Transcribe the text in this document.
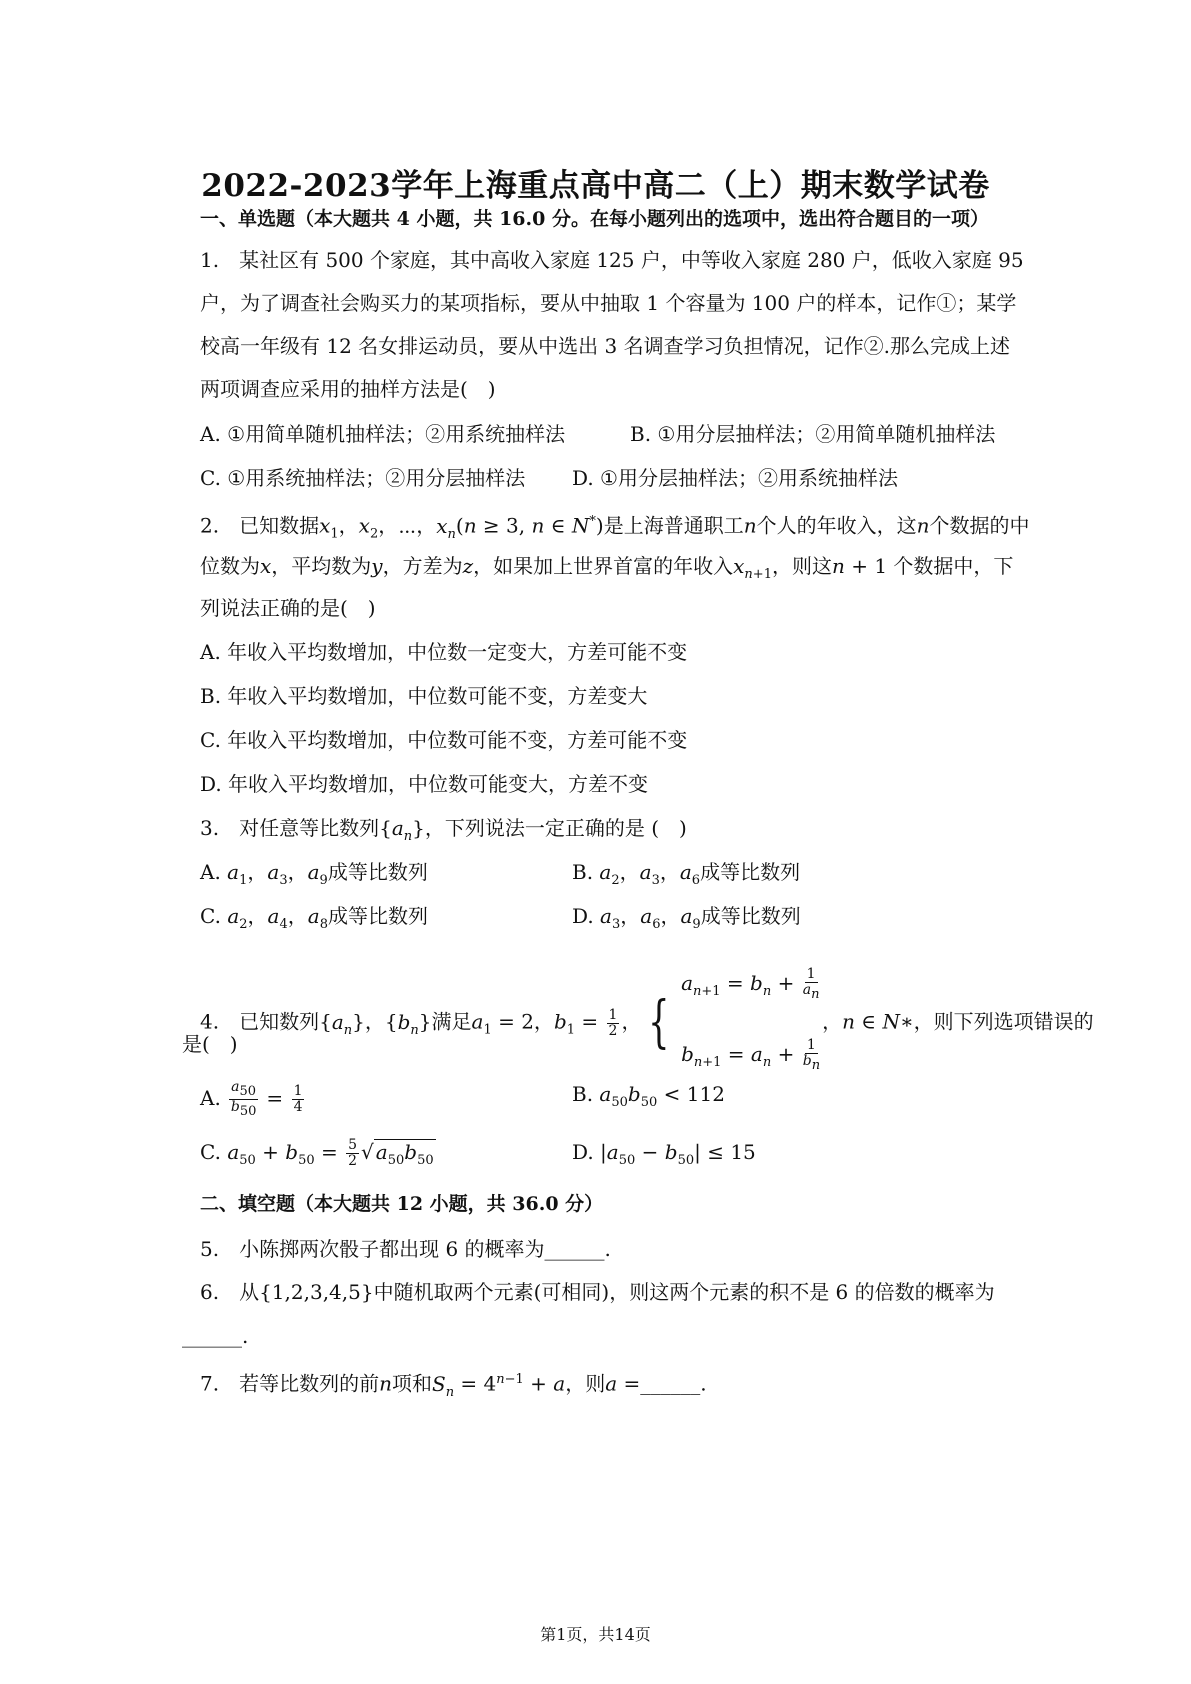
2022-2023学年上海重点高中高二（上）期末数学试卷
一、单选题（本大题共 4 小题，共 16.0 分。在每小题列出的选项中，选出符合题目的一项）
1.　某社区有 500 个家庭，其中高收入家庭 125 户，中等收入家庭 280 户，低收入家庭 95
户，为了调查社会购买力的某项指标，要从中抽取 1 个容量为 100 户的样本，记作①；某学
校高一年级有 12 名女排运动员，要从中选出 3 名调查学习负担情况，记作②.那么完成上述
两项调查应采用的抽样方法是(　)
A. ①用简单随机抽样法；②用系统抽样法	B. ①用分层抽样法；②用简单随机抽样法
C. ①用系统抽样法；②用分层抽样法 D. ①用分层抽样法；②用系统抽样法
2.　已知数据$x_1$，$x_2$，⋯，$x_n(n \ge 3$, n ∈ N*)是上海普通职工n个人的年收入，这n个数据的中
位数为x，平均数为y，方差为z，如果加上世界首富的年收入$x_{n+1}$，则这n + 1 个数据中，下
列说法正确的是(　)
A. 年收入平均数增加，中位数一定变大，方差可能不变
B. 年收入平均数增加，中位数可能不变，方差变大
C. 年收入平均数增加，中位数可能不变，方差可能不变
D. 年收入平均数增加，中位数可能变大，方差不变
3.　对任意等比数列$\{a_n\}$，下列说法一定正确的是 (　)
A. $a_1$，$a_3$，$a_9$成等比数列	B. $a_2$，$a_3$，$a_6$成等比数列
C. $a_2$，$a_4$，$a_8$成等比数列	D. $a_3$，$a_6$，$a_9$成等比数列
4.　已知数列$\{a_n\}$，$\{b_n\}$满足$a_1 = 2$，$b_1 = \frac{1}{2}$ ， {
$a_{n+1} = b_n + \frac{1}{a_n}$
$b_{n+1} = a_n + \frac{1}{b_n}$
，n ∈ N∗，则下列选项错误的
是(　)
A. $\frac{a_{50}}{b_{50}} = \frac{1}{4}$	B. $a_{50}b_{50} < 112$
C. $a_{50} + b_{50} = \frac{5}{2}$ √ $a_{50}b_{50}$	D. $|a_{50} - b_{50}| \le 15$
二、填空题（本大题共 12 小题，共 36.0 分）
5.　小陈掷两次骰子都出现 6 的概率为______.
6.　从{1,2,3,4,5}中随机取两个元素(可相同)，则这两个元素的积不是 6 的倍数的概率为
______.
7.　若等比数列的前n项和$S_n = 4^{n-1} + a$，则a =______.
第1页，共14页
